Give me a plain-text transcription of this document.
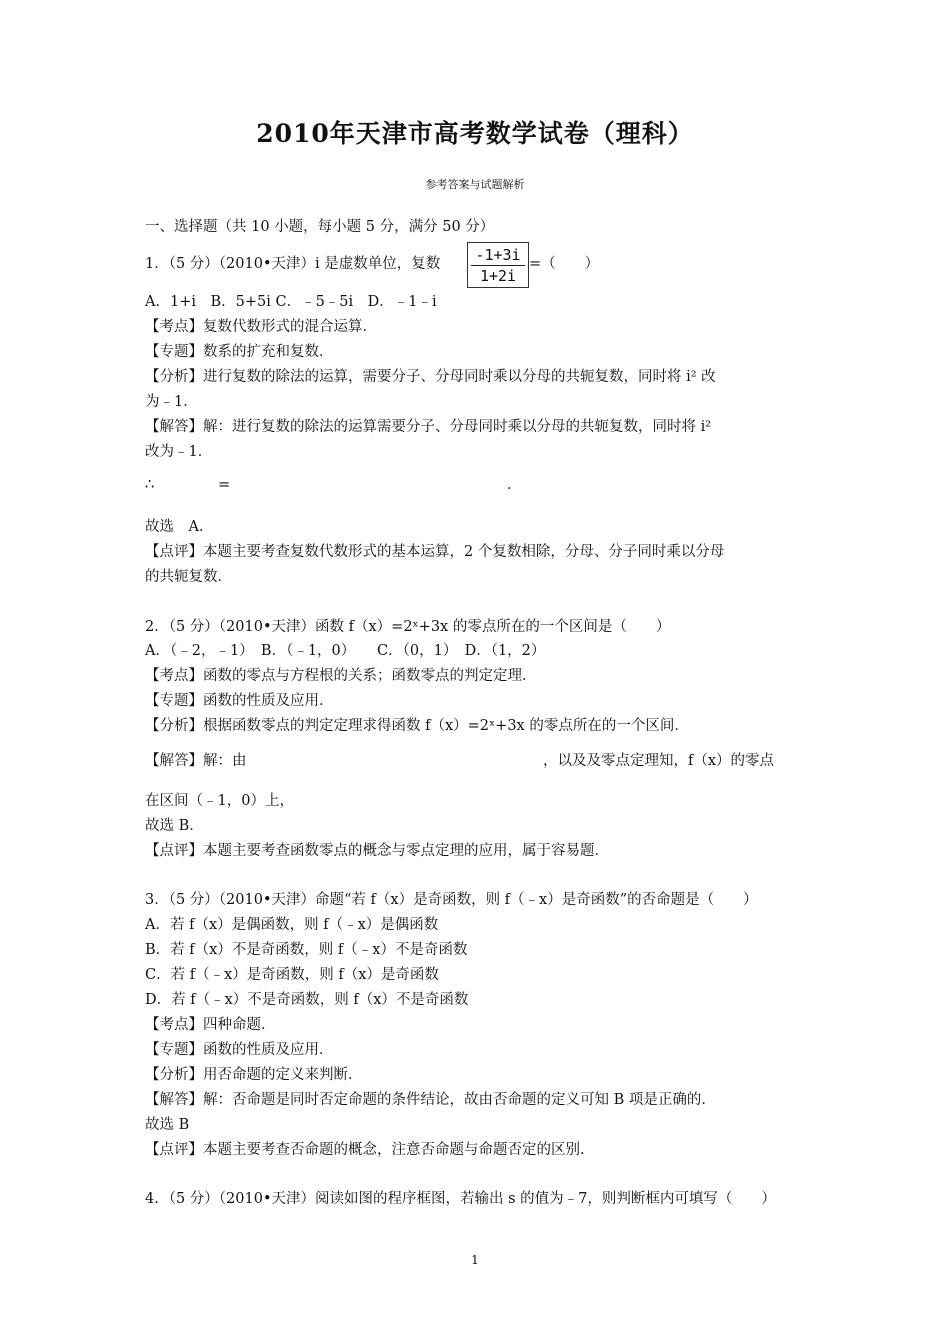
2010年天津市高考数学试卷（理科）
参考答案与试题解析
一、选择题（共 10 小题，每小题 5 分，满分 50 分）
1．（5 分）（2010•天津）i 是虚数单位，复数
-1+3i
1+2i
=（　　）
A．1+i　B．5+5i C．﹣5﹣5i　D．﹣1﹣i
【考点】复数代数形式的混合运算．
【专题】数系的扩充和复数．
【分析】进行复数的除法的运算，需要分子、分母同时乘以分母的共轭复数，同时将 i² 改
为﹣1．
【解答】解：进行复数的除法的运算需要分子、分母同时乘以分母的共轭复数，同时将 i²
改为﹣1．
∴	=	．
故选　A．
【点评】本题主要考查复数代数形式的基本运算，2 个复数相除，分母、分子同时乘以分母
的共轭复数．
2．（5 分）（2010•天津）函数 f（x）=2ˣ+3x 的零点所在的一个区间是（　　）
A．（﹣2，﹣1）　B．（﹣1，0）　　C．（0，1）　D．（1，2）
【考点】函数的零点与方程根的关系；函数零点的判定定理．
【专题】函数的性质及应用．
【分析】根据函数零点的判定定理求得函数 f（x）=2ˣ+3x 的零点所在的一个区间．
【解答】解：由	，以及及零点定理知，f（x）的零点
在区间（﹣1，0）上，
故选 B．
【点评】本题主要考查函数零点的概念与零点定理的应用，属于容易题．
3．（5 分）（2010•天津）命题“若 f（x）是奇函数，则 f（﹣x）是奇函数”的否命题是（　　）
A．若 f（x）是偶函数，则 f（﹣x）是偶函数
B．若 f（x）不是奇函数，则 f（﹣x）不是奇函数
C．若 f（﹣x）是奇函数，则 f（x）是奇函数
D．若 f（﹣x）不是奇函数，则 f（x）不是奇函数
【考点】四种命题．
【专题】函数的性质及应用．
【分析】用否命题的定义来判断．
【解答】解：否命题是同时否定命题的条件结论，故由否命题的定义可知 B 项是正确的．
故选 B
【点评】本题主要考查否命题的概念，注意否命题与命题否定的区别．
4．（5 分）（2010•天津）阅读如图的程序框图，若输出 s 的值为﹣7，则判断框内可填写（　　）
1
